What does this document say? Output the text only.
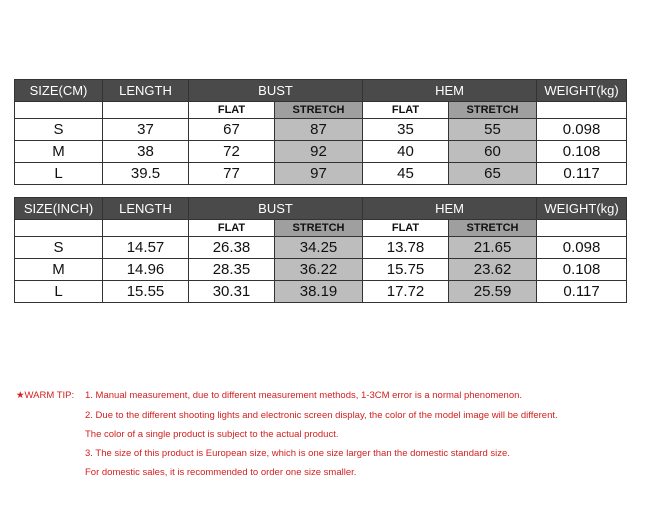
SIZE(CM)	LENGTH	BUST		HEM		WEIGHT(kg)
		FLAT	STRETCH	FLAT	STRETCH	
S	37	67	87	35	55	0.098
M	38	72	92	40	60	0.108
L	39.5	77	97	45	65	0.117
SIZE(INCH)	LENGTH	BUST		HEM		WEIGHT(kg)
		FLAT	STRETCH	FLAT	STRETCH	
S	14.57	26.38	34.25	13.78	21.65	0.098
M	14.96	28.35	36.22	15.75	23.62	0.108
L	15.55	30.31	38.19	17.72	25.59	0.117
★WARM TIP: 1. Manual measurement, due to different measurement methods, 1-3CM error is a normal phenomenon.
2. Due to the different shooting lights and electronic screen display, the color of the model image will be different.
The color of a single product is subject to the actual product.
3. The size of this product is European size, which is one size larger than the domestic standard size.
For domestic sales, it is recommended to order one size smaller.
